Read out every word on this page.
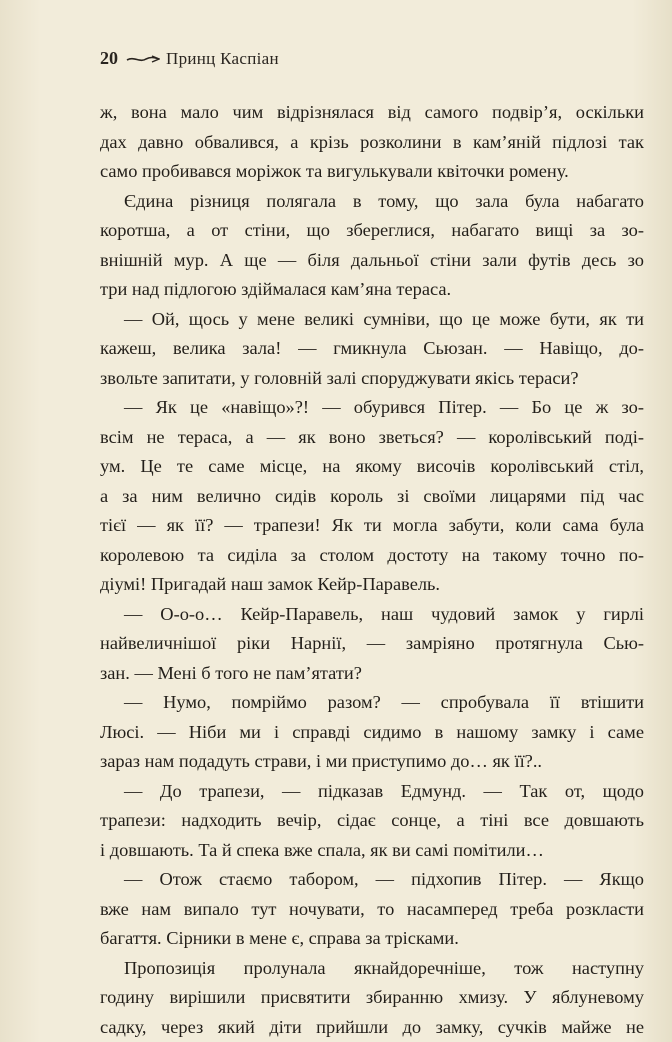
20	Принц Каспіан
ж, вона мало чим відрізнялася від самого подвір’я, оскільки
дах давно обвалився, а крізь розколини в кам’яній підлозі так
само пробивався моріжок та вигулькували квіточки ромену.
Єдина різниця полягала в тому, що зала була набагато
коротша, а от стіни, що збереглися, набагато вищі за зо-
внішній мур. А ще — біля дальньої стіни зали футів десь зо
три над підлогою здіймалася кам’яна тераса.
— Ой, щось у мене великі сумніви, що це може бути, як ти
кажеш, велика зала! — гмикнула Сьюзан. — Навіщо, до-
звольте запитати, у головній залі споруджувати якісь тераси?
— Як це «навіщо»?! — обурився Пітер. — Бо це ж зо-
всім не тераса, а — як воно зветься? — королівський поді-
ум. Це те саме місце, на якому височів королівський стіл,
а за ним велично сидів король зі своїми лицарями під час
тієї — як її? — трапези! Як ти могла забути, коли сама була
королевою та сиділа за столом достоту на такому точно по-
діумі! Пригадай наш замок Кейр-Паравель.
— О-о-о… Кейр-Паравель, наш чудовий замок у гирлі
найвеличнішої ріки Нарнії, — замріяно протягнула Сью-
зан. — Мені б того не пам’ятати?
— Нумо, помріймо разом? — спробувала її втішити
Люсі. — Ніби ми і справді сидимо в нашому замку і саме
зараз нам подадуть страви, і ми приступимо до… як її?..
— До трапези, — підказав Едмунд. — Так от, щодо
трапези: надходить вечір, сідає сонце, а тіні все довшають
і довшають. Та й спека вже спала, як ви самі помітили…
— Отож стаємо табором, — підхопив Пітер. — Якщо
вже нам випало тут ночувати, то насамперед треба розкласти
багаття. Сірники в мене є, справа за трісками.
Пропозиція пролунала якнайдоречніше, тож наступну
годину вирішили присвятити збиранню хмизу. У яблуневому
садку, через який діти прийшли до замку, сучків майже не
